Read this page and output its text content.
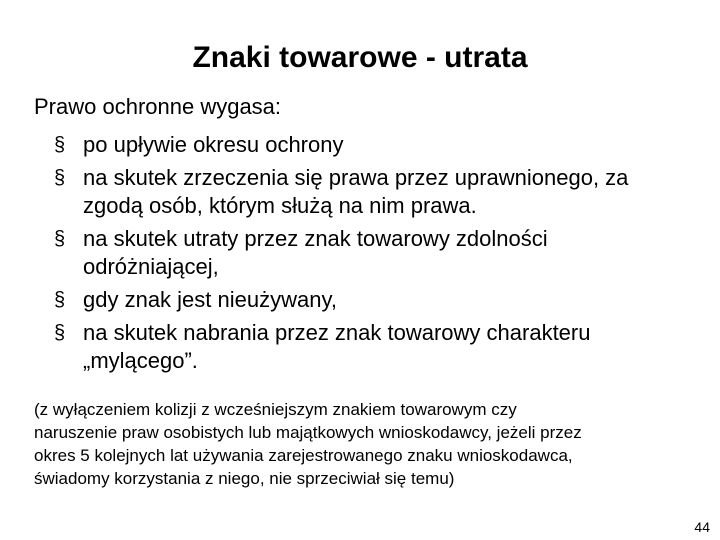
Znaki towarowe - utrata
Prawo ochronne wygasa:
§ po upływie okresu ochrony
§ na skutek zrzeczenia się prawa przez uprawnionego, za
zgodą osób, którym służą na nim prawa.
§ na skutek utraty przez znak towarowy zdolności
odróżniającej,
§ gdy znak jest nieużywany,
§ na skutek nabrania przez znak towarowy charakteru
„mylącego”.
(z wyłączeniem kolizji z wcześniejszym znakiem towarowym czy
naruszenie praw osobistych lub majątkowych wnioskodawcy, jeżeli przez
okres 5 kolejnych lat używania zarejestrowanego znaku wnioskodawca,
świadomy korzystania z niego, nie sprzeciwiał się temu)
44
